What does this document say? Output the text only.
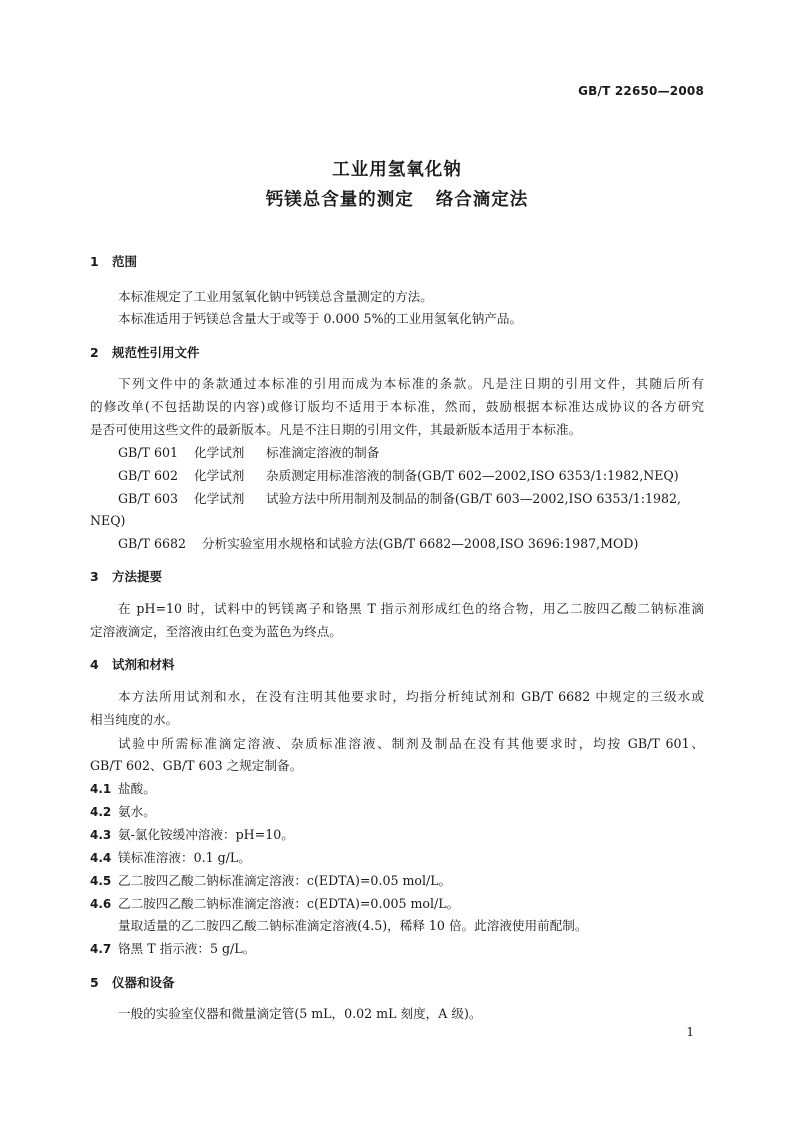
GB/T 22650—2008
工业用氢氧化钠
钙镁总含量的测定 络合滴定法
1 范围
本标准规定了工业用氢氧化钠中钙镁总含量测定的方法。
本标准适用于钙镁总含量大于或等于 0.000 5%的工业用氢氧化钠产品。
2 规范性引用文件
下列文件中的条款通过本标准的引用而成为本标准的条款。凡是注日期的引用文件，其随后所有
的修改单(不包括勘误的内容)或修订版均不适用于本标准，然而，鼓励根据本标准达成协议的各方研究
是否可使用这些文件的最新版本。凡是不注日期的引用文件，其最新版本适用于本标准。
GB/T 601 化学试剂 标准滴定溶液的制备
GB/T 602 化学试剂 杂质测定用标准溶液的制备(GB/T 602—2002,ISO 6353/1:1982,NEQ)
GB/T 603 化学试剂 试验方法中所用制剂及制品的制备(GB/T 603—2002,ISO 6353/1:1982,
NEQ)
GB/T 6682 分析实验室用水规格和试验方法(GB/T 6682—2008,ISO 3696:1987,MOD)
3 方法提要
在 pH=10 时，试料中的钙镁离子和铬黑 T 指示剂形成红色的络合物，用乙二胺四乙酸二钠标准滴
定溶液滴定，至溶液由红色变为蓝色为终点。
4 试剂和材料
本方法所用试剂和水，在没有注明其他要求时，均指分析纯试剂和 GB/T 6682 中规定的三级水或
相当纯度的水。
试验中所需标准滴定溶液、杂质标准溶液、制剂及制品在没有其他要求时，均按 GB/T 601、
GB/T 602、GB/T 603 之规定制备。
4.1 盐酸。
4.2 氨水。
4.3 氨-氯化铵缓冲溶液：pH=10。
4.4 镁标准溶液：0.1 g/L。
4.5 乙二胺四乙酸二钠标准滴定溶液：c(EDTA)=0.05 mol/L。
4.6 乙二胺四乙酸二钠标准滴定溶液：c(EDTA)=0.005 mol/L。
量取适量的乙二胺四乙酸二钠标准滴定溶液(4.5)，稀释 10 倍。此溶液使用前配制。
4.7 铬黑 T 指示液：5 g/L。
5 仪器和设备
一般的实验室仪器和微量滴定管(5 mL，0.02 mL 刻度，A 级)。
1
